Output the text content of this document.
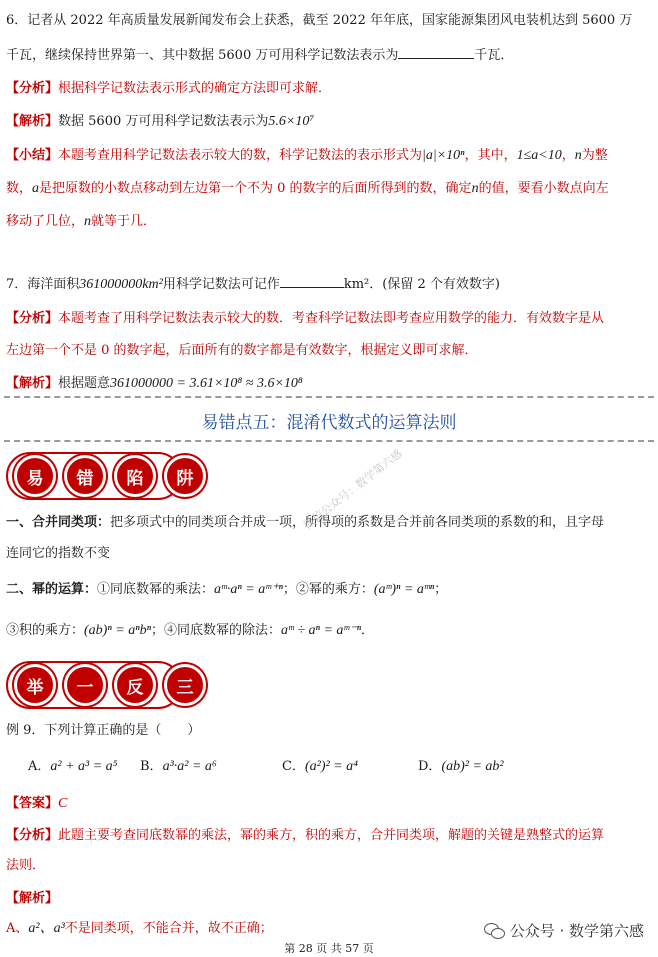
6．记者从 2022 年高质量发展新闻发布会上获悉，截至 2022 年年底，国家能源集团风电装机达到 5600 万
千瓦，继续保持世界第一、其中数据 5600 万可用科学记数法表示为	千瓦．
【分析】根据科学记数法表示形式的确定方法即可求解．
【解析】数据 5600 万可用科学记数法表示为5.6×10⁷
【小结】本题考查用科学记数法表示较大的数，科学记数法的表示形式为|a|×10ⁿ，其中，1≤a<10，n为整
数，a是把原数的小数点移动到左边第一个不为 0 的数字的后面所得到的数，确定n的值，要看小数点向左
移动了几位，n就等于几．
7．海洋面积361000000km²用科学记数法可记作	km²．(保留 2 个有效数字)
【分析】本题考查了用科学记数法表示较大的数．考查科学记数法即考查应用数学的能力．有效数字是从
左边第一个不是 0 的数字起，后面所有的数字都是有效数字，根据定义即可求解．
【解析】根据题意361000000 = 3.61×10⁸ ≈ 3.6×10⁸
易错点五：混淆代数式的运算法则
易	错	陷	阱
一、合并同类项：把多项式中的同类项合并成一项，所得项的系数是合并前各同类项的系数的和，且字母
连同它的指数不变
二、幂的运算：①同底数幂的乘法：aᵐ·aⁿ = aᵐ⁺ⁿ；②幂的乘方：(aᵐ)ⁿ = aᵐⁿ；
③积的乘方：(ab)ⁿ = aⁿbⁿ；④同底数幂的除法：aᵐ ÷ aⁿ = aᵐ⁻ⁿ．
举	一	反	三
例 9．下列计算正确的是（　　）
A．a² + a³ = a⁵ B．a³·a² = a⁶	C．(a²)² = a⁴	D．(ab)² = ab²
【答案】C
【分析】此题主要考查同底数幂的乘法，幂的乘方，积的乘方，合并同类项，解题的关键是熟整式的运算
法则．
【解析】
A、a²、a³不是同类项，不能合并，故不正确；
微信公众号：数学第六感
公众号 · 数学第六感
第 28 页 共 57 页
